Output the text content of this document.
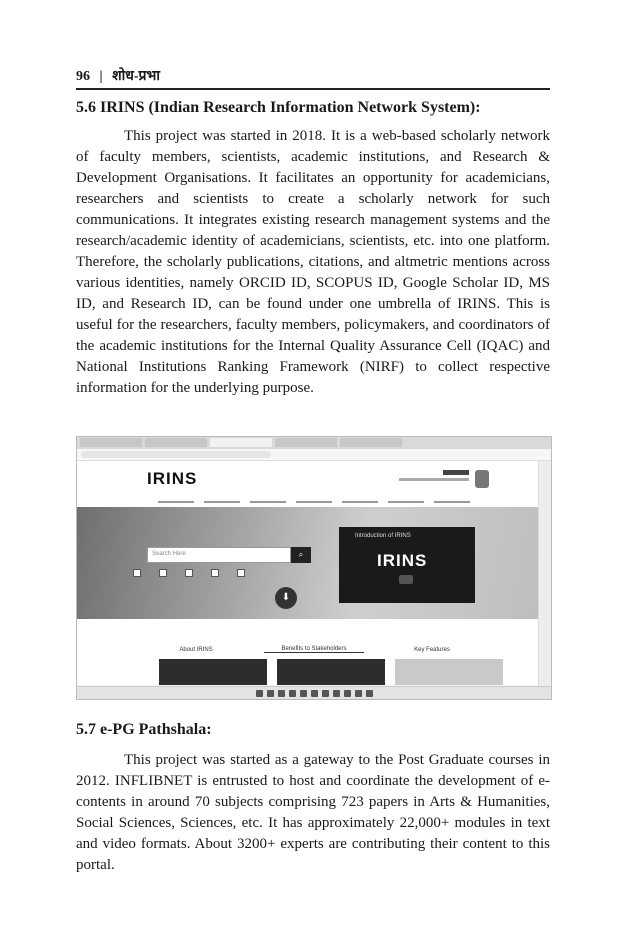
96 | शोध-प्रभा
5.6 IRINS (Indian Research Information Network System):

This project was started in 2018. It is a web-based scholarly network of faculty members, scientists, academic institutions, and Research & Development Organisations. It facilitates an opportunity for academicians, researchers and scientists to create a scholarly network for such communications. It integrates existing research management systems and the research/academic identity of academicians, scientists, etc. into one platform. Therefore, the scholarly publications, citations, and altmetric mentions across various identities, namely ORCID ID, SCOPUS ID, Google Scholar ID, MS ID, and Research ID, can be found under one umbrella of IRINS. This is useful for the researchers, faculty members, policymakers, and coordinators of the academic institutions for the Internal Quality Assurance Cell (IQAC) and National Institutions Ranking Framework (NIRF) to collect respective information for the underlying purpose.

IRINS
Search Here	⌕
⬇
Introduction of IRINS
IRINS
About IRINS	Benefits to Stakeholders	Key Features
5.7 e-PG Pathshala:

This project was started as a gateway to the Post Graduate courses in 2012. INFLIBNET is entrusted to host and coordinate the development of e-contents in around 70 subjects comprising 723 papers in Arts & Humanities, Social Sciences, Sciences, etc. It has approximately 22,000+ modules in text and video formats. About 3200+ experts are contributing their content to this portal.
